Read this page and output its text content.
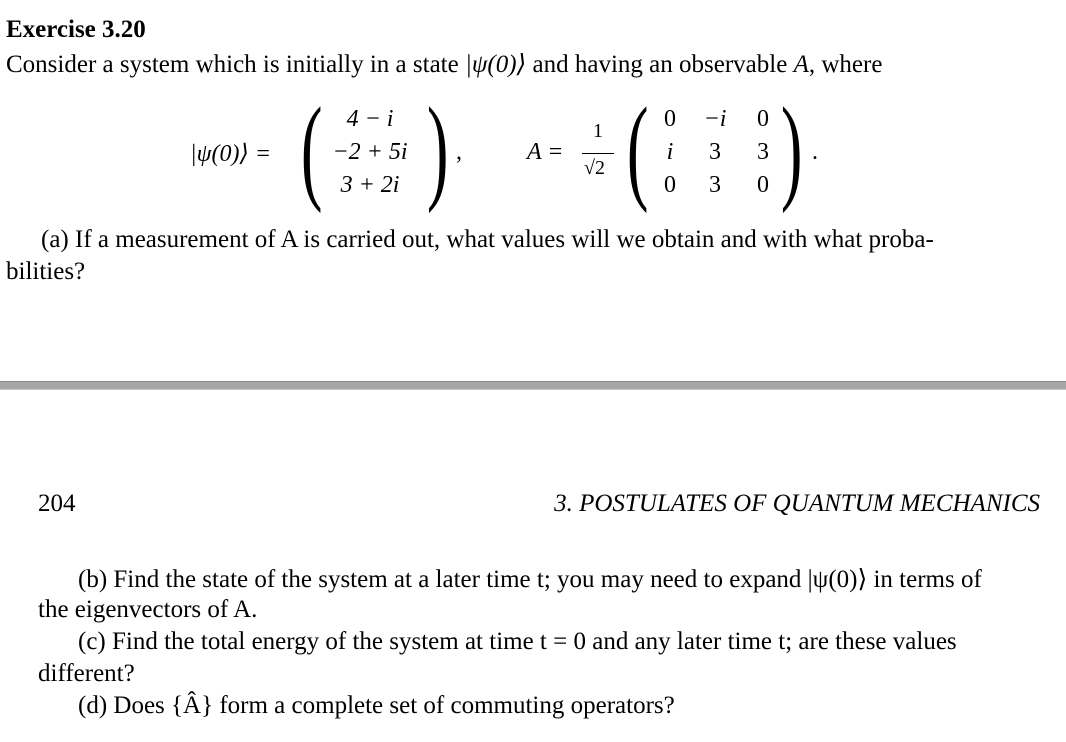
Exercise 3.20
Consider a system which is initially in a state |ψ(0)⟩ and having an observable A, where
|ψ(0)⟩ = (	4 − i
−2 + 5i
3 + 2i ) ,	A =
1
√2 ( 0	−i	0
i	3	3
0	3	0 ) .
(a) If a measurement of A is carried out, what values will we obtain and with what proba-
bilities?
204	3. POSTULATES OF QUANTUM MECHANICS
(b) Find the state of the system at a later time t; you may need to expand |ψ(0)⟩ in terms of
the eigenvectors of A.
(c) Find the total energy of the system at time t = 0 and any later time t; are these values
different?
(d) Does {Â} form a complete set of commuting operators?
